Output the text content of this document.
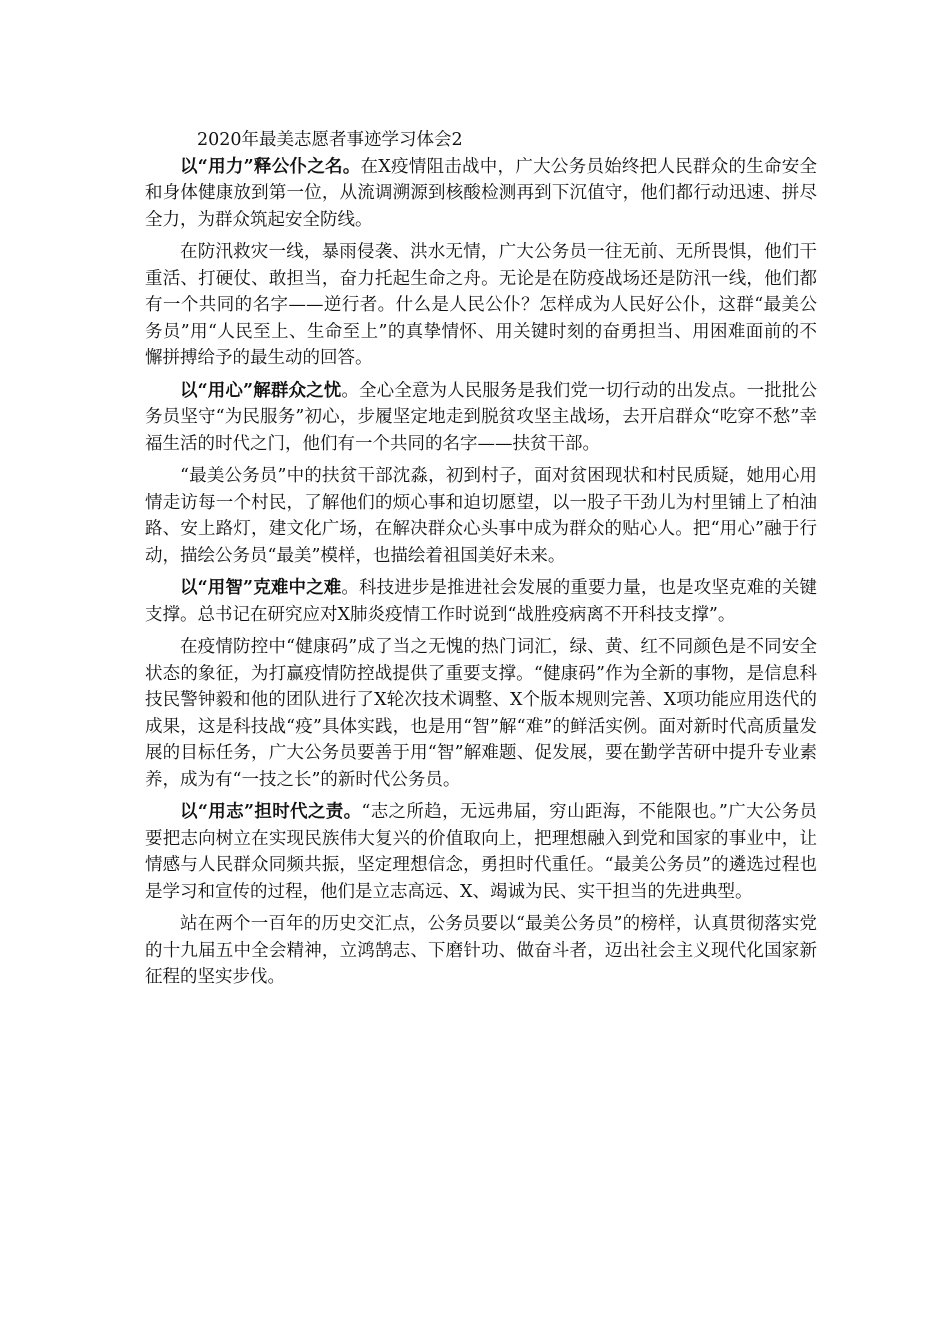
2020年最美志愿者事迹学习体会2

以“用力”释公仆之名。在X疫情阻击战中，广大公务员始终把人民群众的生命安全和身体健康放到第一位，从流调溯源到核酸检测再到下沉值守，他们都行动迅速、拼尽全力，为群众筑起安全防线。

在防汛救灾一线，暴雨侵袭、洪水无情，广大公务员一往无前、无所畏惧，他们干重活、打硬仗、敢担当，奋力托起生命之舟。无论是在防疫战场还是防汛一线，他们都有一个共同的名字——逆行者。什么是人民公仆？怎样成为人民好公仆，这群“最美公务员”用“人民至上、生命至上”的真挚情怀、用关键时刻的奋勇担当、用困难面前的不懈拼搏给予的最生动的回答。

以“用心”解群众之忧。全心全意为人民服务是我们党一切行动的出发点。一批批公务员坚守“为民服务”初心，步履坚定地走到脱贫攻坚主战场，去开启群众“吃穿不愁”幸福生活的时代之门，他们有一个共同的名字——扶贫干部。

“最美公务员”中的扶贫干部沈淼，初到村子，面对贫困现状和村民质疑，她用心用情走访每一个村民，了解他们的烦心事和迫切愿望，以一股子干劲儿为村里铺上了柏油路、安上路灯，建文化广场，在解决群众心头事中成为群众的贴心人。把“用心”融于行动，描绘公务员“最美”模样，也描绘着祖国美好未来。

以“用智”克难中之难。科技进步是推进社会发展的重要力量，也是攻坚克难的关键支撑。总书记在研究应对X肺炎疫情工作时说到“战胜疫病离不开科技支撑”。

在疫情防控中“健康码”成了当之无愧的热门词汇，绿、黄、红不同颜色是不同安全状态的象征，为打赢疫情防控战提供了重要支撑。“健康码”作为全新的事物，是信息科技民警钟毅和他的团队进行了X轮次技术调整、X个版本规则完善、X项功能应用迭代的成果，这是科技战“疫”具体实践，也是用“智”解“难”的鲜活实例。面对新时代高质量发展的目标任务，广大公务员要善于用“智”解难题、促发展，要在勤学苦研中提升专业素养，成为有“一技之长”的新时代公务员。

以“用志”担时代之责。“志之所趋，无远弗届，穷山距海，不能限也。”广大公务员要把志向树立在实现民族伟大复兴的价值取向上，把理想融入到党和国家的事业中，让情感与人民群众同频共振，坚定理想信念，勇担时代重任。“最美公务员”的遴选过程也是学习和宣传的过程，他们是立志高远、X、竭诚为民、实干担当的先进典型。

站在两个一百年的历史交汇点，公务员要以“最美公务员”的榜样，认真贯彻落实党的十九届五中全会精神，立鸿鹄志、下磨针功、做奋斗者，迈出社会主义现代化国家新征程的坚实步伐。
